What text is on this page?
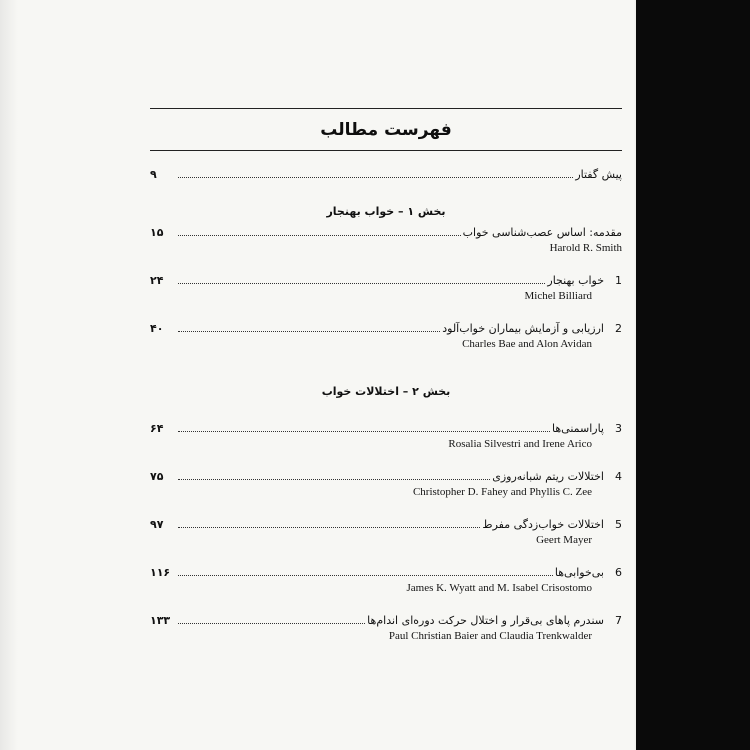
فهرست مطالب
پیش گفتار
۹
بخش ۱ – خواب بهنجار
مقدمه: اساس عصب‌شناسی خواب
۱۵
Harold R. Smith
1
خواب بهنجار
۲۴
Michel Billiard
2
ارزیابی و آزمایش بیماران خواب‌آلود
۴۰
Charles Bae and Alon Avidan
بخش ۲ – اختلالات خواب
3
پاراسمنی‌ها
۶۴
Rosalia Silvestri and Irene Arico
4
اختلالات ریتم شبانه‌روزی
۷۵
Christopher D. Fahey and Phyllis C. Zee
5
اختلالات خواب‌زدگی مفرط
۹۷
Geert Mayer
6
بی‌خوابی‌ها
۱۱۶
James K. Wyatt and M. Isabel Crisostomo
7
سندرم پاهای بی‌قرار و اختلال حرکت دوره‌ای اندام‌ها
۱۳۳
Paul Christian Baier and Claudia Trenkwalder
